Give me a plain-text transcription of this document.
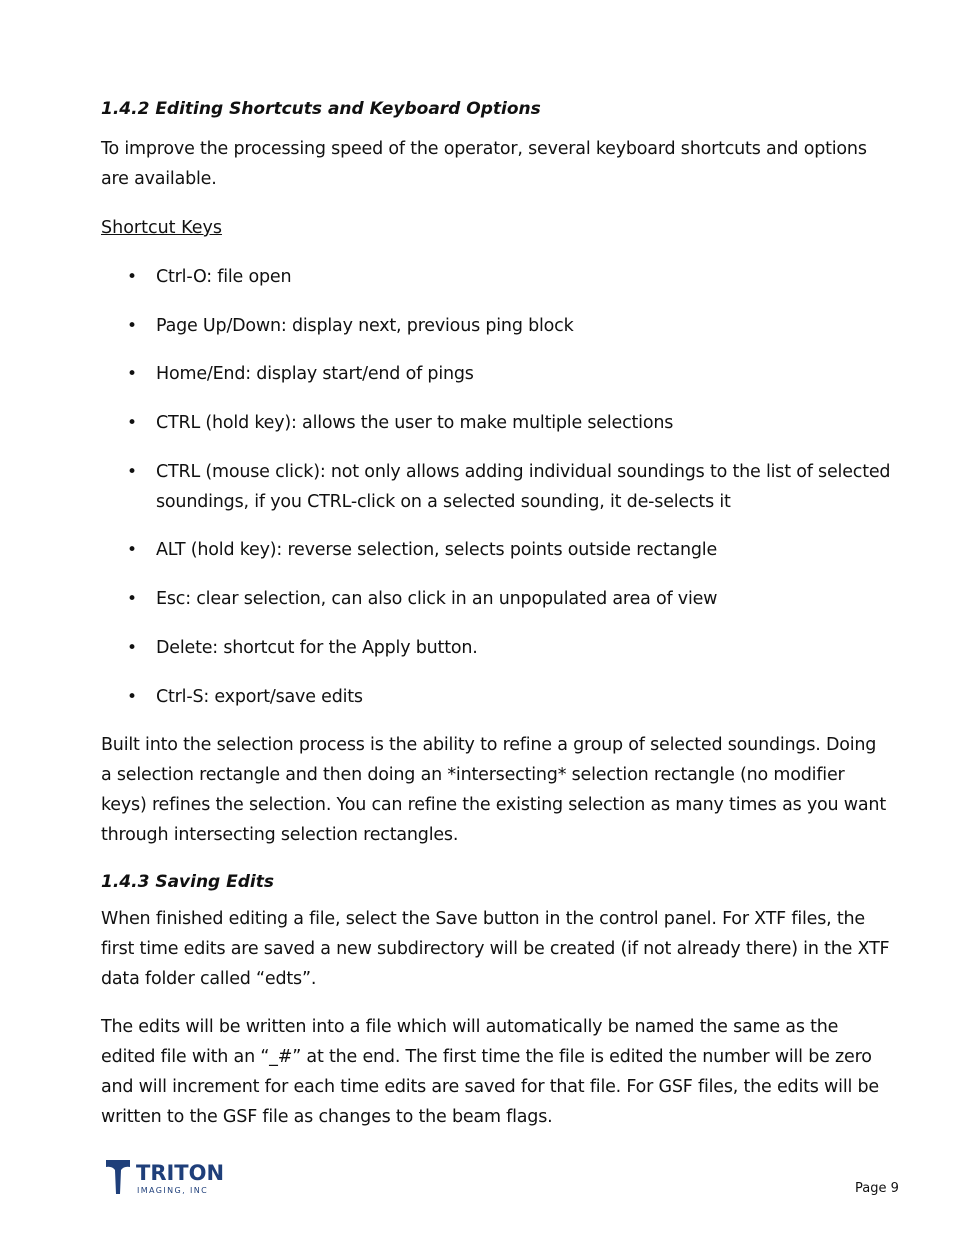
1.4.2 Editing Shortcuts and Keyboard Options

To improve the processing speed of the operator, several keyboard shortcuts and options are available.

Shortcut Keys

• Ctrl-O: file open
• Page Up/Down: display next, previous ping block
• Home/End: display start/end of pings
• CTRL (hold key): allows the user to make multiple selections
• CTRL (mouse click): not only allows adding individual soundings to the list of selected soundings, if you CTRL-click on a selected sounding, it de-selects it
• ALT (hold key): reverse selection, selects points outside rectangle
• Esc: clear selection, can also click in an unpopulated area of view
• Delete: shortcut for the Apply button.
• Ctrl-S: export/save edits

Built into the selection process is the ability to refine a group of selected soundings. Doing a selection rectangle and then doing an *intersecting* selection rectangle (no modifier keys) refines the selection. You can refine the existing selection as many times as you want through intersecting selection rectangles.

1.4.3 Saving Edits

When finished editing a file, select the Save button in the control panel. For XTF files, the first time edits are saved a new subdirectory will be created (if not already there) in the XTF data folder called “edts”.

The edits will be written into a file which will automatically be named the same as the edited file with an “_#” at the end. The first time the file is edited the number will be zero and will increment for each time edits are saved for that file. For GSF files, the edits will be written to the GSF file as changes to the beam flags.

TRITON
IMAGING, INC	Page 9
